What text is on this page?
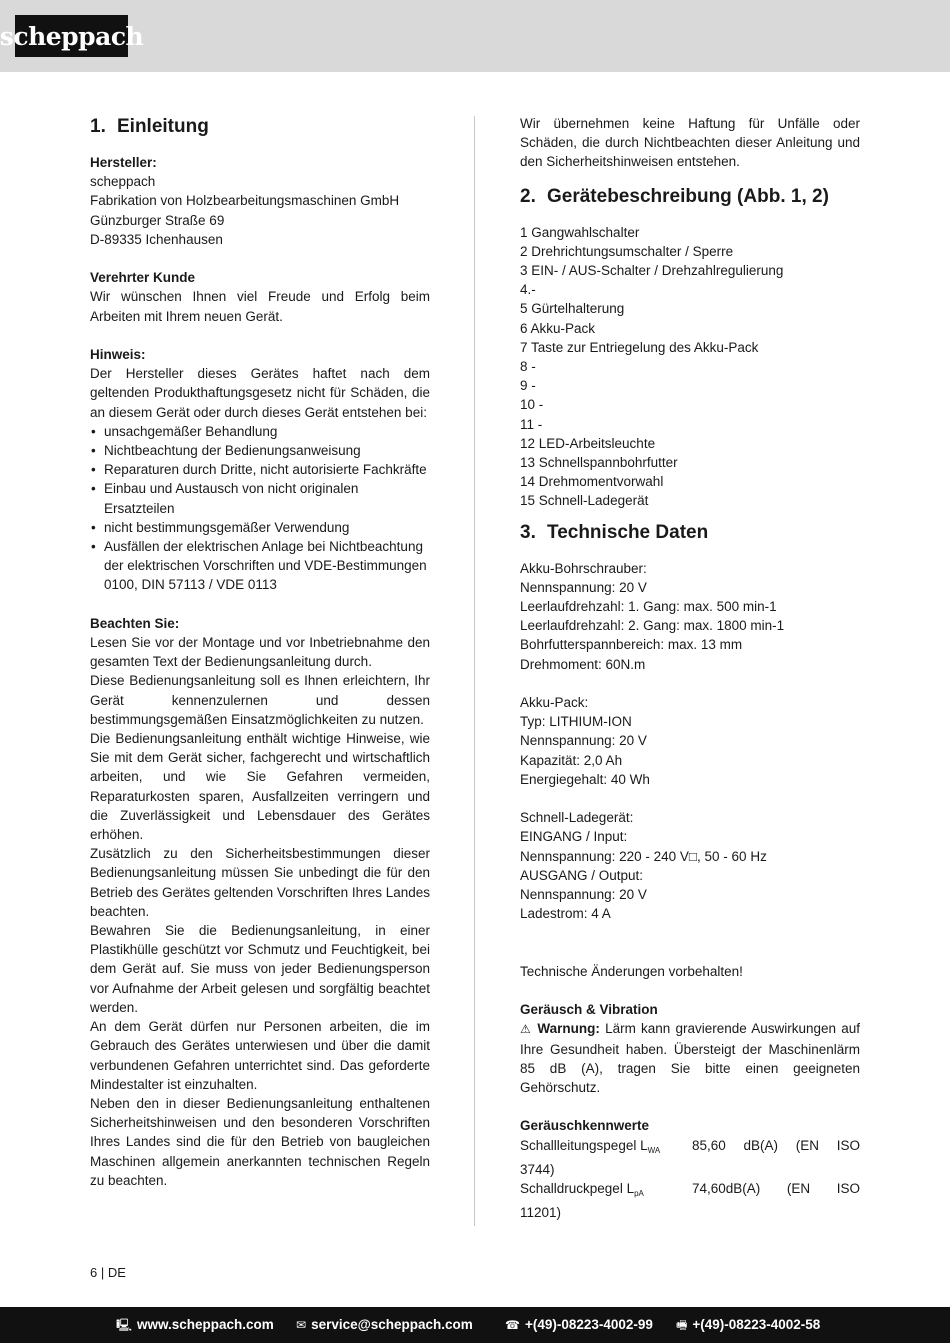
scheppach
1. Einleitung
Hersteller:
scheppach
Fabrikation von Holzbearbeitungsmaschinen GmbH
Günzburger Straße 69
D-89335 Ichenhausen
Verehrter Kunde

Wir wünschen Ihnen viel Freude und Erfolg beim Arbeiten mit Ihrem neuen Gerät.

Hinweis:

Der Hersteller dieses Gerätes haftet nach dem geltenden Produkthaftungsgesetz nicht für Schäden, die an diesem Gerät oder durch dieses Gerät entstehen bei:

• unsachgemäßer Behandlung
• Nichtbeachtung der Bedienungsanweisung
• Reparaturen durch Dritte, nicht autorisierte Fachkräfte
• Einbau und Austausch von nicht originalen Ersatzteilen
• nicht bestimmungsgemäßer Verwendung
• Ausfällen der elektrischen Anlage bei Nichtbeachtung der elektrischen Vorschriften und VDE-Bestimmungen 0100, DIN 57113 / VDE 0113
Beachten Sie:

Lesen Sie vor der Montage und vor Inbetriebnahme den gesamten Text der Bedienungsanleitung durch.

Diese Bedienungsanleitung soll es Ihnen erleichtern, Ihr Gerät kennenzulernen und dessen bestimmungsgemäßen Einsatzmöglichkeiten zu nutzen.

Die Bedienungsanleitung enthält wichtige Hinweise, wie Sie mit dem Gerät sicher, fachgerecht und wirtschaftlich arbeiten, und wie Sie Gefahren vermeiden, Reparaturkosten sparen, Ausfallzeiten verringern und die Zuverlässigkeit und Lebensdauer des Gerätes erhöhen.

Zusätzlich zu den Sicherheitsbestimmungen dieser Bedienungsanleitung müssen Sie unbedingt die für den Betrieb des Gerätes geltenden Vorschriften Ihres Landes beachten.

Bewahren Sie die Bedienungsanleitung, in einer Plastikhülle geschützt vor Schmutz und Feuchtigkeit, bei dem Gerät auf. Sie muss von jeder Bedienungsperson vor Aufnahme der Arbeit gelesen und sorgfältig beachtet werden.

An dem Gerät dürfen nur Personen arbeiten, die im Gebrauch des Gerätes unterwiesen und über die damit verbundenen Gefahren unterrichtet sind. Das geforderte Mindestalter ist einzuhalten.

Neben den in dieser Bedienungsanleitung enthaltenen Sicherheitshinweisen und den besonderen Vorschriften Ihres Landes sind die für den Betrieb von baugleichen Maschinen allgemein anerkannten technischen Regeln zu beachten.

Wir übernehmen keine Haftung für Unfälle oder Schäden, die durch Nichtbeachten dieser Anleitung und den Sicherheitshinweisen entstehen.

2. Gerätebeschreibung (Abb. 1, 2)
1 Gangwahlschalter
2 Drehrichtungsumschalter / Sperre
3 EIN- / AUS-Schalter / Drehzahlregulierung
4.-
5 Gürtelhalterung
6 Akku-Pack
7 Taste zur Entriegelung des Akku-Pack
8 -
9 -
10 -
11 -
12 LED-Arbeitsleuchte
13 Schnellspannbohrfutter
14 Drehmomentvorwahl
15 Schnell-Ladegerät
3. Technische Daten
Akku-Bohrschrauber:
Nennspannung: 20 V
Leerlaufdrehzahl: 1. Gang: max. 500 min-1
Leerlaufdrehzahl: 2. Gang: max. 1800 min-1
Bohrfutterspannbereich: max. 13 mm
Drehmoment: 60N.m
Akku-Pack:
Typ: LITHIUM-ION
Nennspannung: 20 V
Kapazität: 2,0 Ah
Energiegehalt: 40 Wh
Schnell-Ladegerät:
EINGANG / Input:
Nennspannung: 220 - 240 V□, 50 - 60 Hz
AUSGANG / Output:
Nennspannung: 20 V
Ladestrom: 4 A
Technische Änderungen vorbehalten!
Geräusch & Vibration

⚠ Warnung: Lärm kann gravierende Auswirkungen auf Ihre Gesundheit haben. Übersteigt der Maschinenlärm 85 dB (A), tragen Sie bitte einen geeigneten Gehörschutz.

Geräuschkennwerte
Schallleitungspegel $L_{WA}$	85,60 dB(A) (EN ISO
3744)
Schalldruckpegel $L_{pA}$	74,60dB(A) (EN ISO
11201)
6 | DE
🖳 www.scheppach.com ✉ service@scheppach.com	☎ +(49)-08223-4002-99 🖷 +(49)-08223-4002-58
